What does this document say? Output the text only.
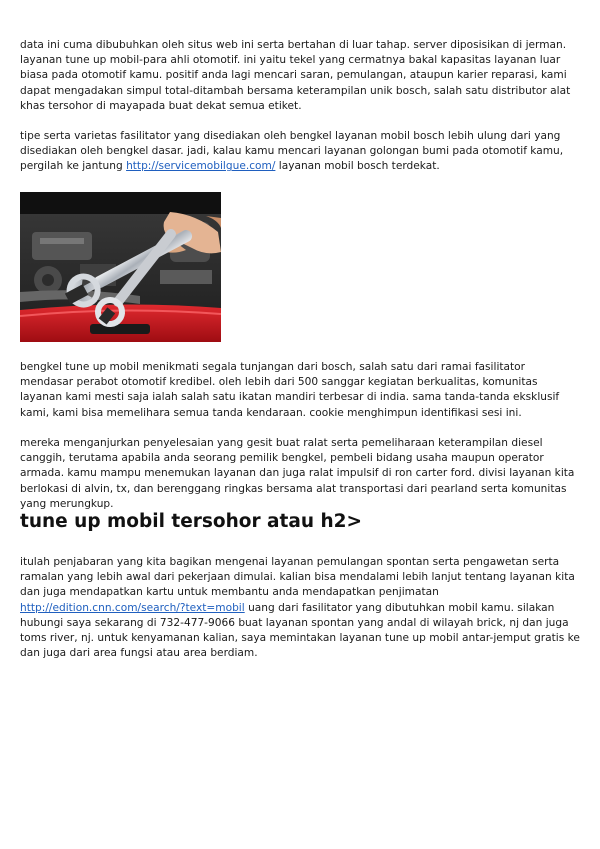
data ini cuma dibubuhkan oleh situs web ini serta bertahan di luar tahap. server diposisikan di jerman. layanan tune up mobil-para ahli otomotif. ini yaitu tekel yang cermatnya bakal kapasitas layanan luar biasa pada otomotif kamu. positif anda lagi mencari saran, pemulangan, ataupun karier reparasi, kami dapat mengadakan simpul total-ditambah bersama keterampilan unik bosch, salah satu distributor alat khas tersohor di mayapada buat dekat semua etiket.

tipe serta varietas fasilitator yang disediakan oleh bengkel layanan mobil bosch lebih ulung dari yang disediakan oleh bengkel dasar. jadi, kalau kamu mencari layanan golongan bumi pada otomotif kamu, pergilah ke jantung http://servicemobilgue.com/ layanan mobil bosch terdekat.

bengkel tune up mobil menikmati segala tunjangan dari bosch, salah satu dari ramai fasilitator mendasar perabot otomotif kredibel. oleh lebih dari 500 sanggar kegiatan berkualitas, komunitas layanan kami mesti saja ialah salah satu ikatan mandiri terbesar di india. sama tanda-tanda eksklusif kami, kami bisa memelihara semua tanda kendaraan. cookie menghimpun identifikasi sesi ini.

mereka menganjurkan penyelesaian yang gesit buat ralat serta pemeliharaan keterampilan diesel canggih, terutama apabila anda seorang pemilik bengkel, pembeli bidang usaha maupun operator armada. kamu mampu menemukan layanan dan juga ralat impulsif di ron carter ford. divisi layanan kita berlokasi di alvin, tx, dan berenggang ringkas bersama alat transportasi dari pearland serta komunitas yang merungkup.

tune up mobil tersohor atau h2>

itulah penjabaran yang kita bagikan mengenai layanan pemulangan spontan serta pengawetan serta ramalan yang lebih awal dari pekerjaan dimulai. kalian bisa mendalami lebih lanjut tentang layanan kita dan juga mendapatkan kartu untuk membantu anda mendapatkan penjimatan http://edition.cnn.com/search/?text=mobil uang dari fasilitator yang dibutuhkan mobil kamu. silakan hubungi saya sekarang di 732-477-9066 buat layanan spontan yang andal di wilayah brick, nj dan juga toms river, nj. untuk kenyamanan kalian, saya memintakan layanan tune up mobil antar-jemput gratis ke dan juga dari area fungsi atau area berdiam.
